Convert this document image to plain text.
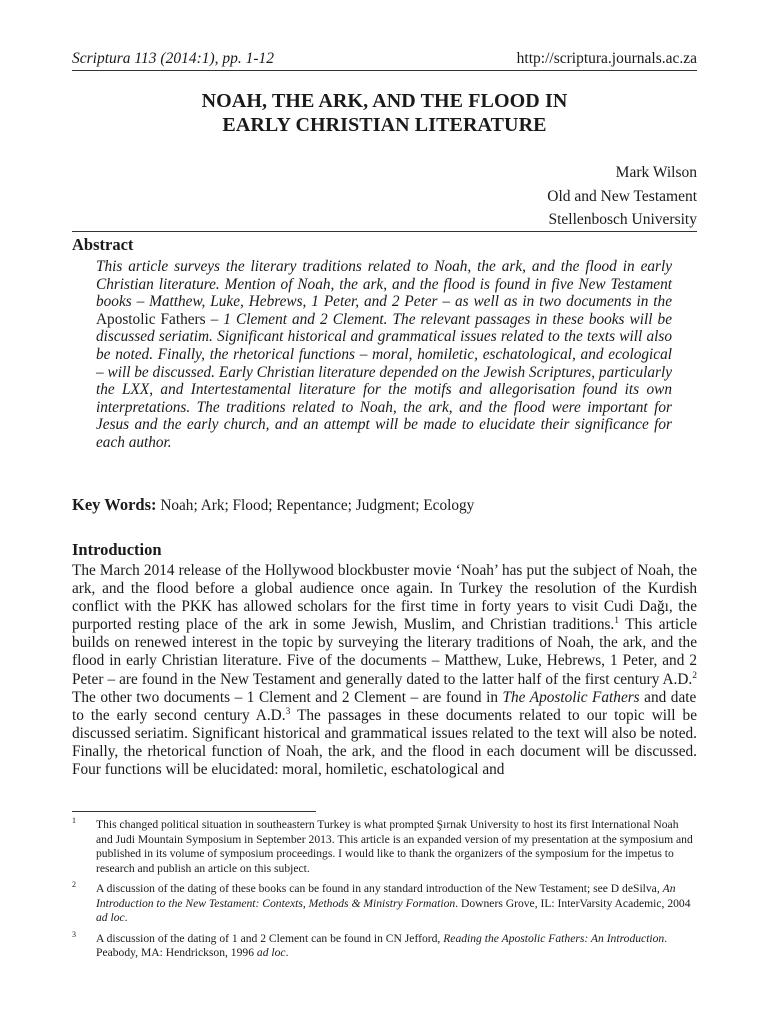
Scriptura 113 (2014:1), pp. 1-12	http://scriptura.journals.ac.za
NOAH, THE ARK, AND THE FLOOD IN
EARLY CHRISTIAN LITERATURE
Mark Wilson
Old and New Testament
Stellenbosch University
Abstract
This article surveys the literary traditions related to Noah, the ark, and the flood in early Christian literature. Mention of Noah, the ark, and the flood is found in five New Testament books – Matthew, Luke, Hebrews, 1 Peter, and 2 Peter – as well as in two documents in the Apostolic Fathers – 1 Clement and 2 Clement. The relevant passages in these books will be discussed seriatim. Significant historical and grammatical issues related to the texts will also be noted. Finally, the rhetorical functions – moral, homiletic, eschatological, and ecological – will be discussed. Early Christian literature depended on the Jewish Scriptures, particularly the LXX, and Intertestamental literature for the motifs and allegorisation found its own interpretations. The traditions related to Noah, the ark, and the flood were important for Jesus and the early church, and an attempt will be made to elucidate their significance for each author.
Key Words: Noah; Ark; Flood; Repentance; Judgment; Ecology
Introduction
The March 2014 release of the Hollywood blockbuster movie ‘Noah’ has put the subject of Noah, the ark, and the flood before a global audience once again. In Turkey the resolution of the Kurdish conflict with the PKK has allowed scholars for the first time in forty years to visit Cudi Dağı, the purported resting place of the ark in some Jewish, Muslim, and Christian traditions.$^1$ This article builds on renewed interest in the topic by surveying the literary traditions of Noah, the ark, and the flood in early Christian literature. Five of the documents – Matthew, Luke, Hebrews, 1 Peter, and 2 Peter – are found in the New Testament and generally dated to the latter half of the first century A.D.$^2$ The other two documents – 1 Clement and 2 Clement – are found in The Apostolic Fathers and date to the early second century A.D.$^3$ The passages in these documents related to our topic will be discussed seriatim. Significant historical and grammatical issues related to the text will also be noted. Finally, the rhetorical function of Noah, the ark, and the flood in each document will be discussed. Four functions will be elucidated: moral, homiletic, eschatological and
1 This changed political situation in southeastern Turkey is what prompted Şırnak University to host its first International Noah and Judi Mountain Symposium in September 2013. This article is an expanded version of my presentation at the symposium and published in its volume of symposium proceedings. I would like to thank the organizers of the symposium for the impetus to research and publish an article on this subject.
2 A discussion of the dating of these books can be found in any standard introduction of the New Testament; see D deSilva, An Introduction to the New Testament: Contexts, Methods & Ministry Formation. Downers Grove, IL: InterVarsity Academic, 2004 ad loc.
3 A discussion of the dating of 1 and 2 Clement can be found in CN Jefford, Reading the Apostolic Fathers: An Introduction. Peabody, MA: Hendrickson, 1996 ad loc.
